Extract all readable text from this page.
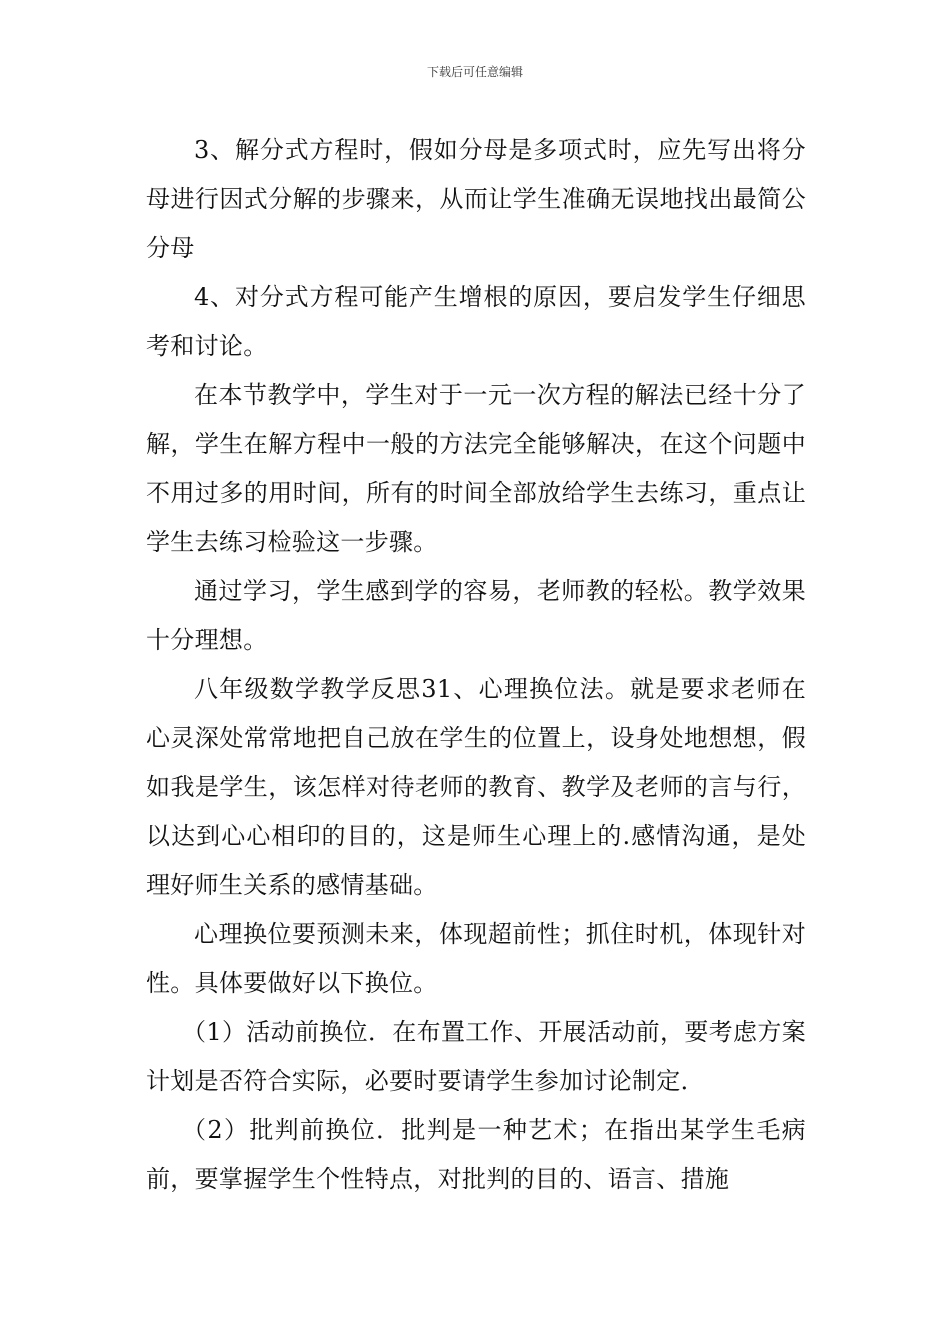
下载后可任意编辑

3、解分式方程时，假如分母是多项式时，应先写出将分母进行因式分解的步骤来，从而让学生准确无误地找出最简公分母

4、对分式方程可能产生增根的原因，要启发学生仔细思考和讨论。

在本节教学中，学生对于一元一次方程的解法已经十分了解，学生在解方程中一般的方法完全能够解决，在这个问题中不用过多的用时间，所有的时间全部放给学生去练习，重点让学生去练习检验这一步骤。

通过学习，学生感到学的容易，老师教的轻松。教学效果十分理想。

八年级数学教学反思31、心理换位法。就是要求老师在心灵深处常常地把自己放在学生的位置上，设身处地想想，假如我是学生，该怎样对待老师的教育、教学及老师的言与行，以达到心心相印的目的，这是师生心理上的.感情沟通，是处理好师生关系的感情基础。

心理换位要预测未来，体现超前性；抓住时机，体现针对性。具体要做好以下换位。

（1）活动前换位．在布置工作、开展活动前，要考虑方案计划是否符合实际，必要时要请学生参加讨论制定．

（2）批判前换位．批判是一种艺术；在指出某学生毛病前，要掌握学生个性特点，对批判的目的、语言、措施
